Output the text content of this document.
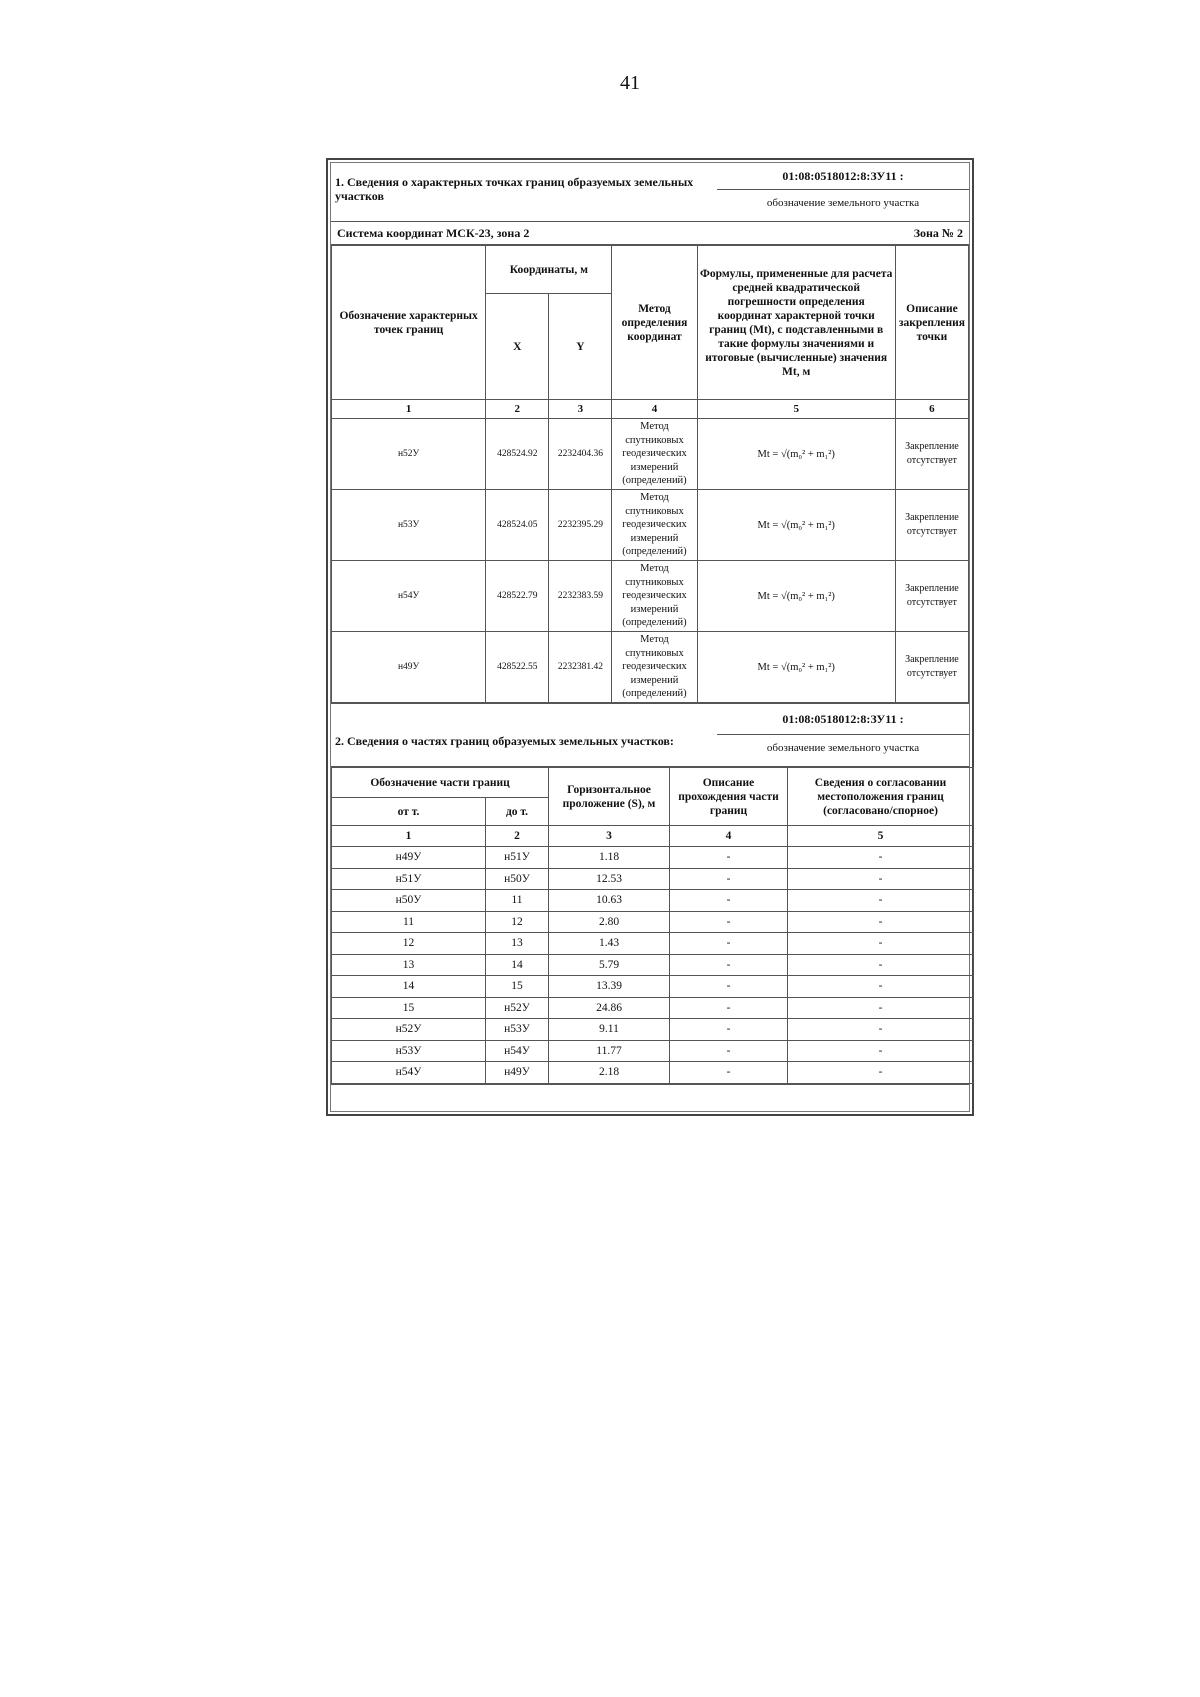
41
1. Сведения о характерных точках границ образуемых земельных участков
01:08:0518012:8:ЗУ11 :
обозначение земельного участка
Система координат МСК-23, зона 2	Зона № 2
Обозначение характерных точек границ	Координаты, м		Метод определения координат	Формулы, примененные для расчета средней квадратической погрешности определения координат характерной точки границ (Mt), с подставленными в такие формулы значениями и итоговые (вычисленные) значения Mt, м	Описание закрепления точки
	X	Y			
1	2	3	4	5	6
н52У	428524.92	2232404.36	Метод спутниковых геодезических измерений (определений)	Mt = √(m₀² + m₁²)	Закрепление отсутствует
н53У	428524.05	2232395.29	Метод спутниковых геодезических измерений (определений)	Mt = √(m₀² + m₁²)	Закрепление отсутствует
н54У	428522.79	2232383.59	Метод спутниковых геодезических измерений (определений)	Mt = √(m₀² + m₁²)	Закрепление отсутствует
н49У	428522.55	2232381.42	Метод спутниковых геодезических измерений (определений)	Mt = √(m₀² + m₁²)	Закрепление отсутствует
2. Сведения о частях границ образуемых земельных участков:
01:08:0518012:8:ЗУ11 :
обозначение земельного участка
Обозначение части границ		Горизонтальное проложение (S), м	Описание прохождения части границ	Сведения о согласовании местоположения границ (согласовано/спорное)
от т.	до т.			
1	2	3	4	5
н49У	н51У	1.18	-	-
н51У	н50У	12.53	-	-
н50У	11	10.63	-	-
11	12	2.80	-	-
12	13	1.43	-	-
13	14	5.79	-	-
14	15	13.39	-	-
15	н52У	24.86	-	-
н52У	н53У	9.11	-	-
н53У	н54У	11.77	-	-
н54У	н49У	2.18	-	-
